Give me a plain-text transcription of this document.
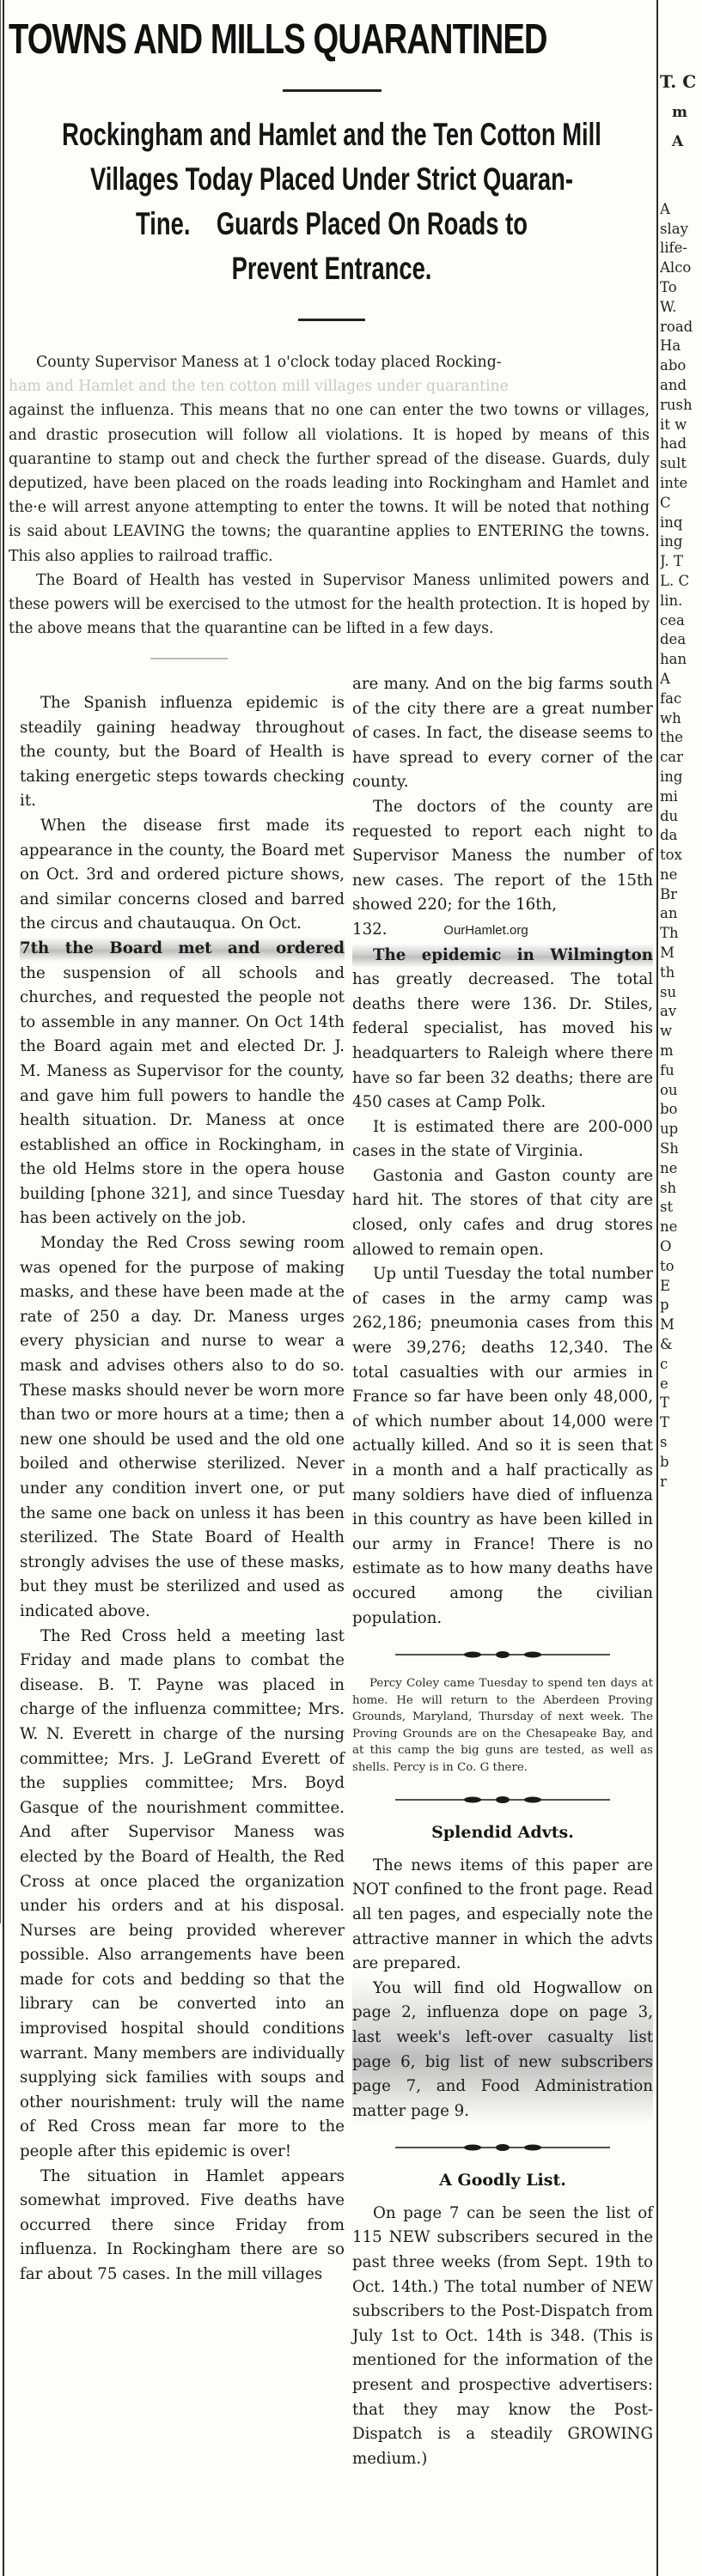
TOWNS AND MILLS QUARANTINED
Rockingham and Hamlet and the Ten Cotton Mill
Villages Today Placed Under Strict Quaran-
Tine.    Guards Placed On Roads to
Prevent Entrance.

County Supervisor Maness at 1 o'clock today placed Rocking-

ham and Hamlet and the ten cotton mill villages under quarantine

against the influenza. This means that no one can enter the two towns or villages, and drastic prosecution will follow all violations. It is hoped by means of this quarantine to stamp out and check the further spread of the disease. Guards, duly deputized, have been placed on the roads leading into Rockingham and Hamlet and the·e will arrest anyone attempting to enter the towns. It will be noted that nothing is said about LEAVING the towns; the quarantine applies to ENTERING the towns. This also applies to railroad traffic.

The Board of Health has vested in Supervisor Maness unlimited powers and these powers will be exercised to the utmost for the health protection. It is hoped by the above means that the quarantine can be lifted in a few days.

The Spanish influenza epidemic is steadily gaining headway throughout the county, but the Board of Health is taking energetic steps towards checking it.

When the disease first made its appearance in the county, the Board met on Oct. 3rd and ordered picture shows, and similar concerns closed and barred the circus and chautauqua. On Oct.

7th the Board met and ordered

the suspension of all schools and churches, and requested the people not to assemble in any manner. On Oct 14th the Board again met and elected Dr. J. M. Maness as Supervisor for the county, and gave him full powers to handle the health situation. Dr. Maness at once established an office in Rockingham, in the old Helms store in the opera house building [phone 321], and since Tuesday has been actively on the job.

Monday the Red Cross sewing room was opened for the purpose of making masks, and these have been made at the rate of 250 a day. Dr. Maness urges every physician and nurse to wear a mask and advises others also to do so. These masks should never be worn more than two or more hours at a time; then a new one should be used and the old one boiled and otherwise sterilized. Never under any condition invert one, or put the same one back on unless it has been sterilized. The State Board of Health strongly advises the use of these masks, but they must be sterilized and used as indicated above.

The Red Cross held a meeting last Friday and made plans to combat the disease. B. T. Payne was placed in charge of the influenza committee; Mrs. W. N. Everett in charge of the nursing committee; Mrs. J. LeGrand Everett of the supplies committee; Mrs. Boyd Gasque of the nourishment committee. And after Supervisor Maness was elected by the Board of Health, the Red Cross at once placed the organization under his orders and at his disposal. Nurses are being provided wherever possible. Also arrangements have been made for cots and bedding so that the library can be converted into an improvised hospital should conditions warrant. Many members are individually supplying sick families with soups and other nourishment: truly will the name of Red Cross mean far more to the people after this epidemic is over!

The situation in Hamlet appears somewhat improved. Five deaths have occurred there since Friday from influenza. In Rockingham there are so far about 75 cases. In the mill villages

are many. And on the big farms south of the city there are a great number of cases. In fact, the disease seems to have spread to every corner of the county.

The doctors of the county are requested to report each night to Supervisor Maness the number of new cases. The report of the 15th showed 220; for the 16th,

132.	OurHamlet.org

The epidemic in Wilmington

has greatly decreased. The total deaths there were 136. Dr. Stiles, federal specialist, has moved his headquarters to Raleigh where there have so far been 32 deaths; there are 450 cases at Camp Polk.

It is estimated there are 200-000 cases in the state of Virginia.

Gastonia and Gaston county are hard hit. The stores of that city are closed, only cafes and drug stores allowed to remain open.

Up until Tuesday the total number of cases in the army camp was 262,186; pneumonia cases from this were 39,276; deaths 12,340. The total casualties with our armies in France so far have been only 48,000, of which number about 14,000 were actually killed. And so it is seen that in a month and a half practically as many soldiers have died of influenza in this country as have been killed in our army in France! There is no estimate as to how many deaths have occured among the civilian population.

Percy Coley came Tuesday to spend ten days at home. He will return to the Aberdeen Proving Grounds, Maryland, Thursday of next week. The Proving Grounds are on the Chesapeake Bay, and at this camp the big guns are tested, as well as shells. Percy is in Co. G there.

Splendid Advts.

The news items of this paper are NOT confined to the front page. Read all ten pages, and especially note the attractive manner in which the advts are prepared.

You will find old Hogwallow on page 2, influenza dope on page 3, last week's left-over casualty list page 6, big list of new subscribers page 7, and Food Administration matter page 9.

A Goodly List.

On page 7 can be seen the list of 115 NEW subscribers secured in the past three weeks (from Sept. 19th to Oct. 14th.) The total number of NEW subscribers to the Post-Dispatch from July 1st to Oct. 14th is 348. (This is mentioned for the information of the present and prospective advertisers: that they may know the Post-Dispatch is a steadily GROWING medium.)

T. C
m
A
A
slay
life-
Alco
To
W.
road
Ha
abo
and
rush
it w
had
sult
inte
C
inq
ing
J. T
L. C
lin.
cea
dea
han
A
fac
wh
the
car
ing
mi
du
da
tox
ne
Br
an
Th
M
th
su
av
w
m
fu
ou
bo
up
Sh
ne
sh
st
ne
O
to
E
p
M
&
c
e
T
T
s
b
r
